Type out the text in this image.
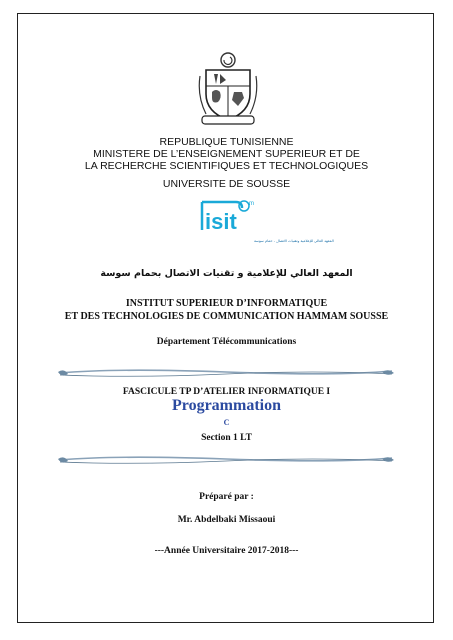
REPUBLIQUE TUNISIENNE
MINISTERE DE L’ENSEIGNEMENT SUPERIEUR ET DE
LA RECHERCHE SCIENTIFIQUES ET TECHNOLOGIQUES
UNIVERSITE DE SOUSSE
isit
m
المعهد العالي للإعلامية وتقنيات الاتصال - حمام سوسة
المعهد العالي للإعلامية و تقنيات الاتصال بحمام سوسة
INSTITUT SUPERIEUR D’INFORMATIQUE
ET DES TECHNOLOGIES DE COMMUNICATION HAMMAM SOUSSE
Département Télécommunications
FASCICULE TP D’ATELIER INFORMATIQUE I
Programmation
C
Section 1 LT
Préparé par :
Mr. Abdelbaki Missaoui
---Année Universitaire 2017-2018---
